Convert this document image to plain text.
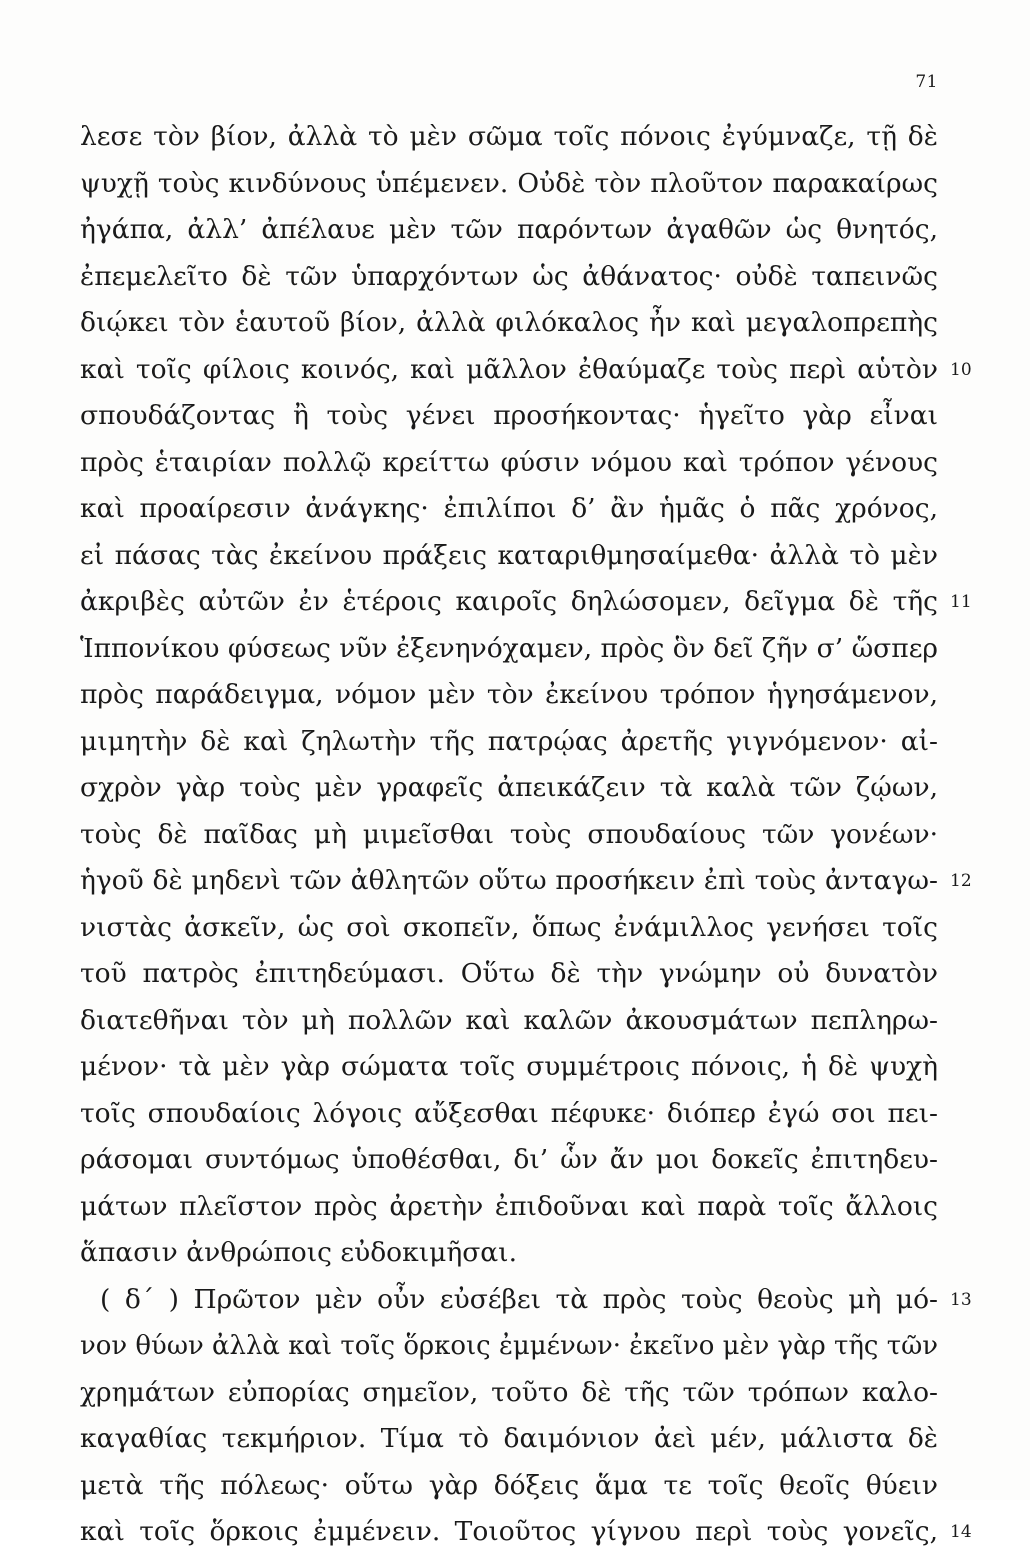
71
λεσε τὸν βίον, ἀλλὰ τὸ μὲν σῶμα τοῖς πόνοις ἐγύμναζε, τῇ δὲ
ψυχῇ τοὺς κινδύνους ὑπέμενεν. Οὐδὲ τὸν πλοῦτον παρακαίρως
ἠγάπα, ἀλλ’ ἀπέλαυε μὲν τῶν παρόντων ἀγαθῶν ὡς θνητός,
ἐπεμελεῖτο δὲ τῶν ὑπαρχόντων ὡς ἀθάνατος· οὐδὲ ταπεινῶς
διῴκει τὸν ἑαυτοῦ βίον, ἀλλὰ φιλόκαλος ἦν καὶ μεγαλοπρεπὴς
καὶ τοῖς φίλοις κοινός, καὶ μᾶλλον ἐθαύμαζε τοὺς περὶ αὑτὸν 10
σπουδάζοντας ἢ τοὺς γένει προσήκοντας· ἡγεῖτο γὰρ εἶναι
πρὸς ἑταιρίαν πολλῷ κρείττω φύσιν νόμου καὶ τρόπον γένους
καὶ προαίρεσιν ἀνάγκης· ἐπιλίποι δ’ ἂν ἡμᾶς ὁ πᾶς χρόνος,
εἰ πάσας τὰς ἐκείνου πράξεις καταριθμησαίμεθα· ἀλλὰ τὸ μὲν
ἀκριβὲς αὐτῶν ἐν ἑτέροις καιροῖς δηλώσομεν, δεῖγμα δὲ τῆς 11
Ἱππονίκου φύσεως νῦν ἐξενηνόχαμεν, πρὸς ὃν δεῖ ζῆν σ’ ὥσπερ
πρὸς παράδειγμα, νόμον μὲν τὸν ἐκείνου τρόπον ἡγησάμενον,
μιμητὴν δὲ καὶ ζηλωτὴν τῆς πατρῴας ἀρετῆς γιγνόμενον· αἰ-
σχρὸν γὰρ τοὺς μὲν γραφεῖς ἀπεικάζειν τὰ καλὰ τῶν ζῴων,
τοὺς δὲ παῖδας μὴ μιμεῖσθαι τοὺς σπουδαίους τῶν γονέων·
ἡγοῦ δὲ μηδενὶ τῶν ἀθλητῶν οὕτω προσήκειν ἐπὶ τοὺς ἀνταγω- 12
νιστὰς ἀσκεῖν, ὡς σοὶ σκοπεῖν, ὅπως ἐνάμιλλος γενήσει τοῖς
τοῦ πατρὸς ἐπιτηδεύμασι. Οὕτω δὲ τὴν γνώμην οὐ δυνατὸν
διατεθῆναι τὸν μὴ πολλῶν καὶ καλῶν ἀκουσμάτων πεπληρω-
μένον· τὰ μὲν γὰρ σώματα τοῖς συμμέτροις πόνοις, ἡ δὲ ψυχὴ
τοῖς σπουδαίοις λόγοις αὔξεσθαι πέφυκε· διόπερ ἐγώ σοι πει-
ράσομαι συντόμως ὑποθέσθαι, δι’ ὧν ἄν μοι δοκεῖς ἐπιτηδευ-
μάτων πλεῖστον πρὸς ἀρετὴν ἐπιδοῦναι καὶ παρὰ τοῖς ἄλλοις
ἅπασιν ἀνθρώποις εὐδοκιμῆσαι.
( δ΄ ) Πρῶτον μὲν οὖν εὐσέβει τὰ πρὸς τοὺς θεοὺς μὴ μό- 13
νον θύων ἀλλὰ καὶ τοῖς ὅρκοις ἐμμένων· ἐκεῖνο μὲν γὰρ τῆς τῶν
χρημάτων εὐπορίας σημεῖον, τοῦτο δὲ τῆς τῶν τρόπων καλο-
καγαθίας τεκμήριον. Τίμα τὸ δαιμόνιον ἀεὶ μέν, μάλιστα δὲ
μετὰ τῆς πόλεως· οὕτω γὰρ δόξεις ἅμα τε τοῖς θεοῖς θύειν
καὶ τοῖς ὅρκοις ἐμμένειν. Τοιοῦτος γίγνου περὶ τοὺς γονεῖς, 14
